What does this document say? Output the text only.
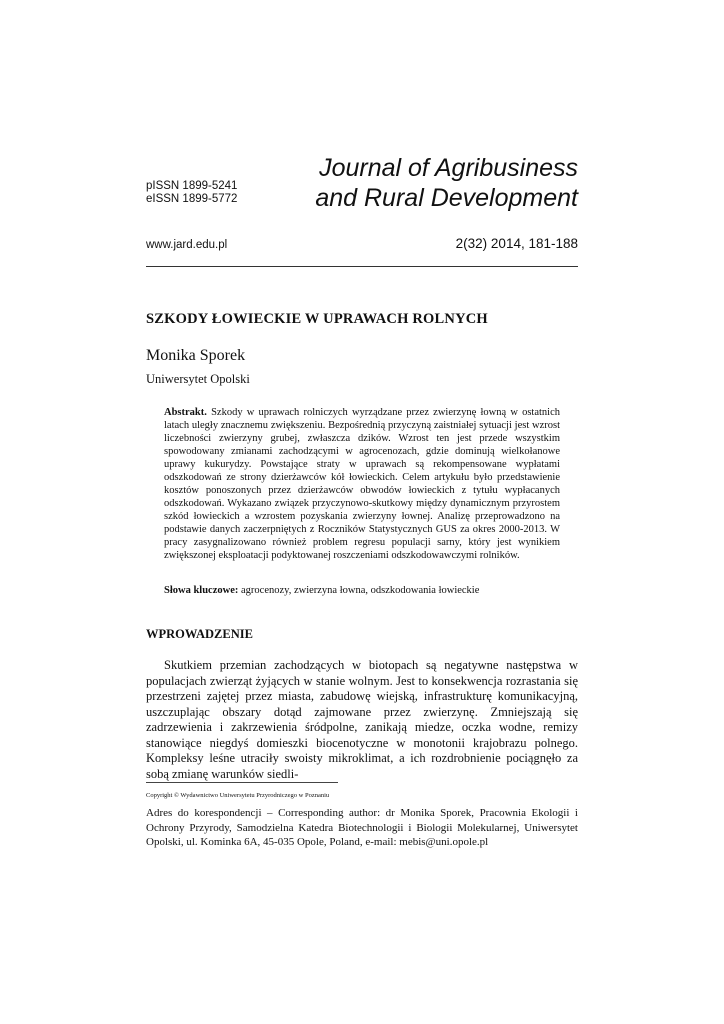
pISSN 1899-5241
eISSN 1899-5772
Journal of Agribusiness
and Rural Development
www.jard.edu.pl	2(32) 2014, 181-188
SZKODY ŁOWIECKIE W UPRAWACH ROLNYCH
Monika Sporek
Uniwersytet Opolski
Abstrakt. Szkody w uprawach rolniczych wyrządzane przez zwierzynę łowną w ostatnich latach uległy znacznemu zwiększeniu. Bezpośrednią przyczyną zaistniałej sytuacji jest wzrost liczebności zwierzyny grubej, zwłaszcza dzików. Wzrost ten jest przede wszystkim spowodowany zmianami zachodzącymi w agrocenozach, gdzie dominują wielkołanowe uprawy kukurydzy. Powstające straty w uprawach są rekompensowane wypłatami odszkodowań ze strony dzierżawców kół łowieckich. Celem artykułu było przedstawienie kosztów ponoszonych przez dzierżawców obwodów łowieckich z tytułu wypłacanych odszkodowań. Wykazano związek przyczynowo-skutkowy między dynamicznym przyrostem szkód łowieckich a wzrostem pozyskania zwierzyny łownej. Analizę przeprowadzono na podstawie danych zaczerpniętych z Roczników Statystycznych GUS za okres 2000-2013. W pracy zasygnalizowano również problem regresu populacji sarny, który jest wynikiem zwiększonej eksploatacji podyktowanej roszczeniami odszkodowawczymi rolników.
Słowa kluczowe: agrocenozy, zwierzyna łowna, odszkodowania łowieckie
WPROWADZENIE
Skutkiem przemian zachodzących w biotopach są negatywne następstwa w populacjach zwierząt żyjących w stanie wolnym. Jest to konsekwencja rozrastania się przestrzeni zajętej przez miasta, zabudowę wiejską, infrastrukturę komunikacyjną, uszczuplając obszary dotąd zajmowane przez zwierzynę. Zmniejszają się zadrzewienia i zakrzewienia śródpolne, zanikają miedze, oczka wodne, remizy stanowiące niegdyś domieszki biocenotyczne w monotonii krajobrazu polnego. Kompleksy leśne utraciły swoisty mikroklimat, a ich rozdrobnienie pociągnęło za sobą zmianę warunków siedli-
Copyright © Wydawnictwo Uniwersytetu Przyrodniczego w Poznaniu
Adres do korespondencji – Corresponding author: dr Monika Sporek, Pracownia Ekologii i Ochrony Przyrody, Samodzielna Katedra Biotechnologii i Biologii Molekularnej, Uniwersytet Opolski, ul. Kominka 6A, 45-035 Opole, Poland, e-mail: mebis@uni.opole.pl
